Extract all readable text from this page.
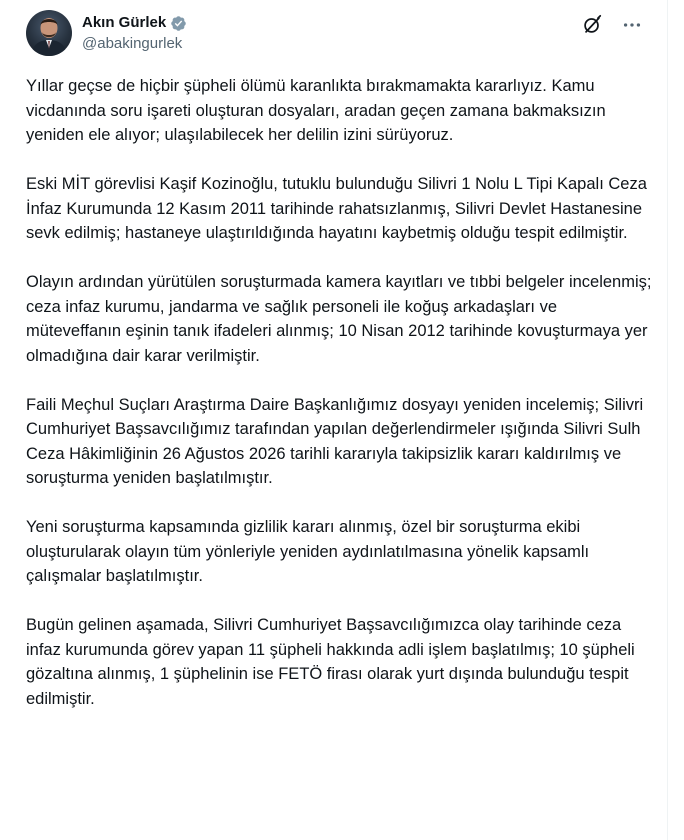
Akın Gürlek
@abakingurlek

Yıllar geçse de hiçbir şüpheli ölümü karanlıkta bırakmamakta kararlıyız. Kamu vicdanında soru işareti oluşturan dosyaları, aradan geçen zamana bakmaksızın yeniden ele alıyor; ulaşılabilecek her delilin izini sürüyoruz.

Eski MİT görevlisi Kaşif Kozinoğlu, tutuklu bulunduğu Silivri 1 Nolu L Tipi Kapalı Ceza İnfaz Kurumunda 12 Kasım 2011 tarihinde rahatsızlanmış, Silivri Devlet Hastanesine sevk edilmiş; hastaneye ulaştırıldığında hayatını kaybetmiş olduğu tespit edilmiştir.

Olayın ardından yürütülen soruşturmada kamera kayıtları ve tıbbi belgeler incelenmiş; ceza infaz kurumu, jandarma ve sağlık personeli ile koğuş arkadaşları ve müteveffanın eşinin tanık ifadeleri alınmış; 10 Nisan 2012 tarihinde kovuşturmaya yer olmadığına dair karar verilmiştir.

Faili Meçhul Suçları Araştırma Daire Başkanlığımız dosyayı yeniden incelemiş; Silivri Cumhuriyet Başsavcılığımız tarafından yapılan değerlendirmeler ışığında Silivri Sulh Ceza Hâkimliğinin 26 Ağustos 2026 tarihli kararıyla takipsizlik kararı kaldırılmış ve soruşturma yeniden başlatılmıştır.

Yeni soruşturma kapsamında gizlilik kararı alınmış, özel bir soruşturma ekibi oluşturularak olayın tüm yönleriyle yeniden aydınlatılmasına yönelik kapsamlı çalışmalar başlatılmıştır.

Bugün gelinen aşamada, Silivri Cumhuriyet Başsavcılığımızca olay tarihinde ceza infaz kurumunda görev yapan 11 şüpheli hakkında adli işlem başlatılmış; 10 şüpheli gözaltına alınmış, 1 şüphelinin ise FETÖ firası olarak yurt dışında bulunduğu tespit edilmiştir.
